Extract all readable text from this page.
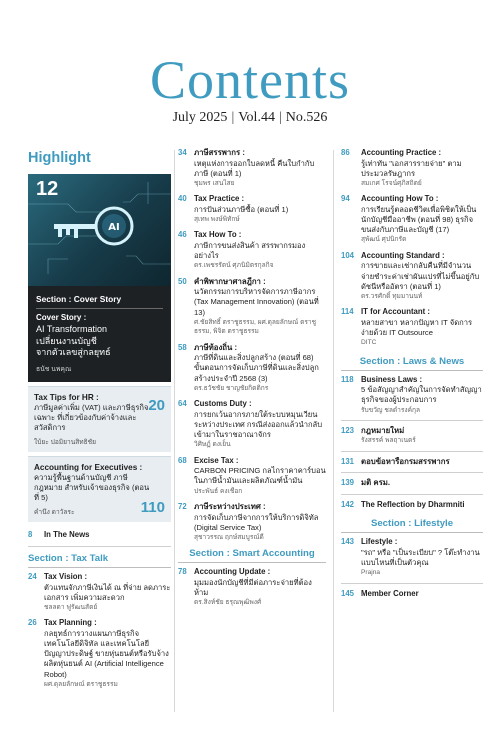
Contents
July 2025 | Vol.44 | No.526
Highlight
AI
12
Section : Cover Story
Cover Story :
AI Transformation
เปลี่ยนงานบัญชี
จากตัวเลขสู่กลยุทธ์
ธนัช นพคุณ
Tax Tips for HR :
ภาษีมูลค่าเพิ่ม (VAT) และภาษีธุรกิจเฉพาะ ที่เกี่ยวข้องกับค่าจ้างและสวัสดิการ
ใบ้ยะ ปอมิยานสิทธิชัย
20
Accounting for Executives :
ความรู้พื้นฐานด้านบัญชี ภาษี กฎหมาย สำหรับเจ้าของธุรกิจ (ตอนที่ 5)
คำนึง ดาวัลระ	110
8	In The News
Section : Tax Talk
24 Tax Vision :
ตัวแทนจักภาษีเงินได้ ณ ที่จ่าย ลดภาระเอกสาร เพิ่มความสะดวก
ชลลดา ฟูรัฒนสัตย์
26 Tax Planning :
กลยุทธ์การวางแผนภาษีธุรกิจเทคโนโลยีดิจิทัล และเทคโนโลยีปัญญาประดิษฐ์ ขายหุ่นยนต์หรือรับจ้างผลิตหุ่นยนต์ AI (Artificial Intelligence Robot)
ผศ.ดุลยลักษณ์ ตราชูธรรม
34 ภาษีสรรพากร :
เหตุแห่งการออกใบลดหนี้ คืนใบกำกับภาษี (ตอนที่ 1)
ชุมพร เสนไสย
40 Tax Practice :
การปันส่วนภาษีซื้อ (ตอนที่ 1)
สุเทพ พงษ์พิทักษ์
46 Tax How To :
ภาษีการขนส่งสินค้า สรรพากรมองอย่างไร
ดร.เพชรรัตน์ ศุภนิมิตรกุลกิจ
50 คำพิพากษาศาลฎีกา :
นวัตกรรมการบริหารจัดการภาษีอากร (Tax Management Innovation) (ตอนที่ 13)
ศ.ชัยสิทธิ์ ตราชูธรรม, ผศ.ดุลยลักษณ์ ตราชูธรรม, พิจิต ตราชูธรรม
58 ภาษีท้องถิ่น :
ภาษีที่ดินและสิ่งปลูกสร้าง (ตอนที่ 68) ขั้นตอนการจัดเก็บภาษีที่ดินและสิ่งปลูกสร้างประจำปี 2568 (3)
ดร.ธวัชชัย ชาญชัยกิตติกร
64 Customs Duty :
การยกเว้นอากรภายใต้ระบบหมุนเวียนระหว่างประเทศ กรณีส่งออกแล้วนำกลับเข้ามาในราชอาณาจักร
วิศิษฏ์ ดงเย็น
68 Excise Tax :
CARBON PRICING กลไกราคาคาร์บอนในภาษีน้ำมันและผลิตภัณฑ์น้ำมัน
ประพันธ์ คงเชือก
72 ภาษีระหว่างประเทศ :
การจัดเก็บภาษีจากการให้บริการดิจิทัล (Digital Service Tax)
สุชาวรรณ ฤกษ์สมบูรณ์ดี
Section : Smart Accounting
78 Accounting Update :
มุมมองนักบัญชีที่มีต่อภาระจ่ายที่ต้องห้าม
ดร.สิงห์ชัย ธรุณพุฒิพงศ์
86	Accounting Practice :
รู้เท่าทัน "เอกสารรายจ่าย" ตามประมวลรัษฎากร
สมเกศ โรจน์ศุภิสถิตย์
94	Accounting How To :
การเรียนรู้ตลอดชีวิตเพื่อพิชิตให้เป็นนักบัญชีมืออาชีพ (ตอนที่ 98) ธุรกิจขนส่งกับภาษีและบัญชี (17)
สุพัฒน์ ศุปนิกรัด
104 Accounting Standard :
การขายและเช่ากลับคืนที่มีจำนวนจ่ายชำระค่าเช่าผันแปรที่ไม่ขึ้นอยู่กับดัชนีหรืออัตรา (ตอนที่ 1)
ดร.วรศักดิ์ ทุมมานนท์
114 IT for Accountant :
หลายสาขา หลากปัญหา IT จัดการง่ายด้วย IT Outsource
DITC
Section : Laws & News
118 Business Laws :
5 ข้อสัญญาสำคัญในการจัดทำสัญญาธุรกิจของผู้ประกอบการ
รับขวัญ ชลดำรงค์กุล
123 กฎหมายใหม่
รังสรรค์ พลฤาเนตร์
131 ตอบข้อหารือกรมสรรพากร
139 มติ ครม.
142 The Reflection by Dharmniti
Section : Lifestyle
143 Lifestyle :
"รถ" หรือ "เป็นระเบียบ" ? โต๊ะทำงานแบบไหนที่เป็นตัวคุณ
Prajna
145 Member Corner
